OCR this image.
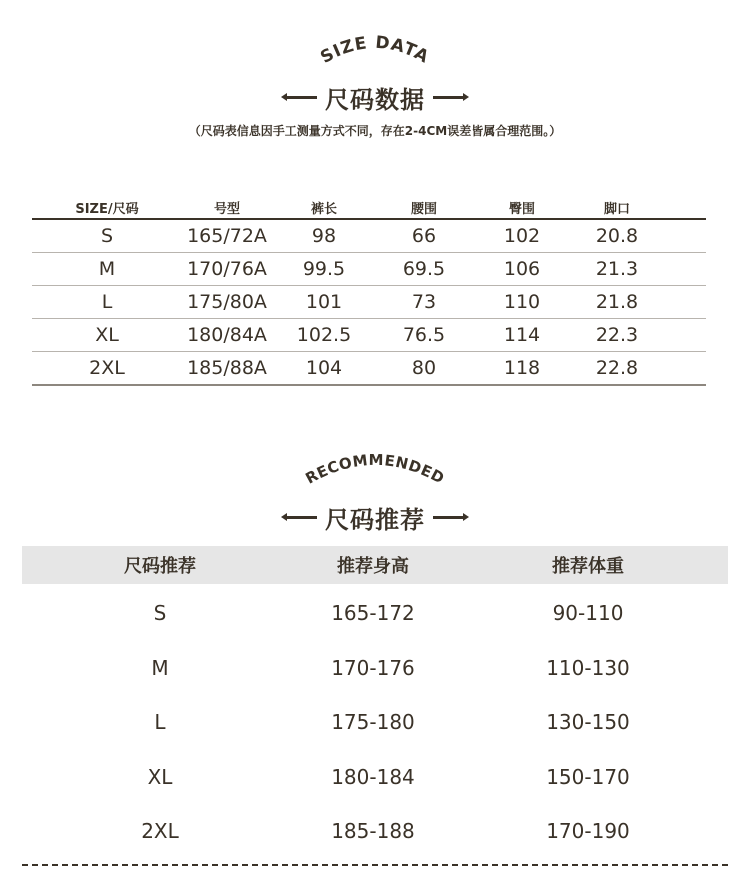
SIZE DATA
RECOMMENDED
尺码数据
（尺码表信息因手工测量方式不同，存在2-4CM误差皆属合理范围。）
SIZE/尺码	号型	裤长	腰围	臀围	脚口
S	165/72A	98	66	102	20.8
M	170/76A	99.5	69.5	106	21.3
L	175/80A	101	73	110	21.8
XL	180/84A	102.5	76.5	114	22.3
2XL	185/88A	104	80	118	22.8
尺码推荐
尺码推荐	推荐身高	推荐体重
S	165-172	90-110
M	170-176	110-130
L	175-180	130-150
XL	180-184	150-170
2XL	185-188	170-190
